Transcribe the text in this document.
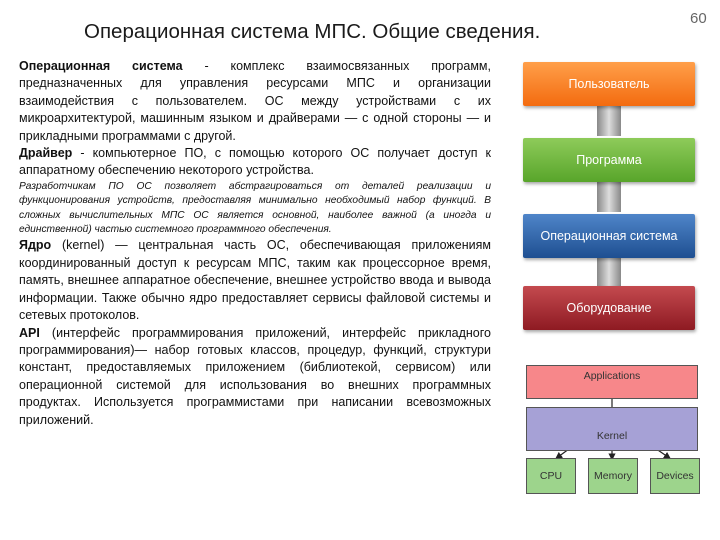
Операционная система МПС. Общие сведения.
60

Операционная система - комплекс взаимосвязанных программ, предназначенных для управления ресурсами МПС и организации взаимодействия с пользователем. ОС между устройствами с их микроархитектурой, машинным языком и драйверами — с одной стороны — и прикладными программами с другой.

Драйвер - компьютерное ПО, с помощью которого ОС получает доступ к аппаратному обеспечению некоторого устройства.

Разработчикам ПО ОС позволяет абстрагироваться от деталей реализации и функционирования устройств, предоставляя минимально необходимый набор функций. В сложных вычислительных МПС ОС является основной, наиболее важной (а иногда и единственной) частью системного программного обеспечения.

Ядро (kernel) — центральная часть ОС, обеспечивающая приложениям координированный доступ к ресурсам МПС, таким как процессорное время, память, внешнее аппаратное обеспечение, внешнее устройство ввода и вывода информации. Также обычно ядро предоставляет сервисы файловой системы и сетевых протоколов.

API (интерфейс программирования приложений, интерфейс прикладного программирования)— набор готовых классов, процедур, функций, структури констант, предоставляемых приложением (библиотекой, сервисом) или операционной системой для использования во внешних программных продуктах. Используется программистами при написании всевозможных приложений.

Пользователь
Программа
Операционная система
Оборудование
Applications
Kernel
CPU	Memory	Devices
